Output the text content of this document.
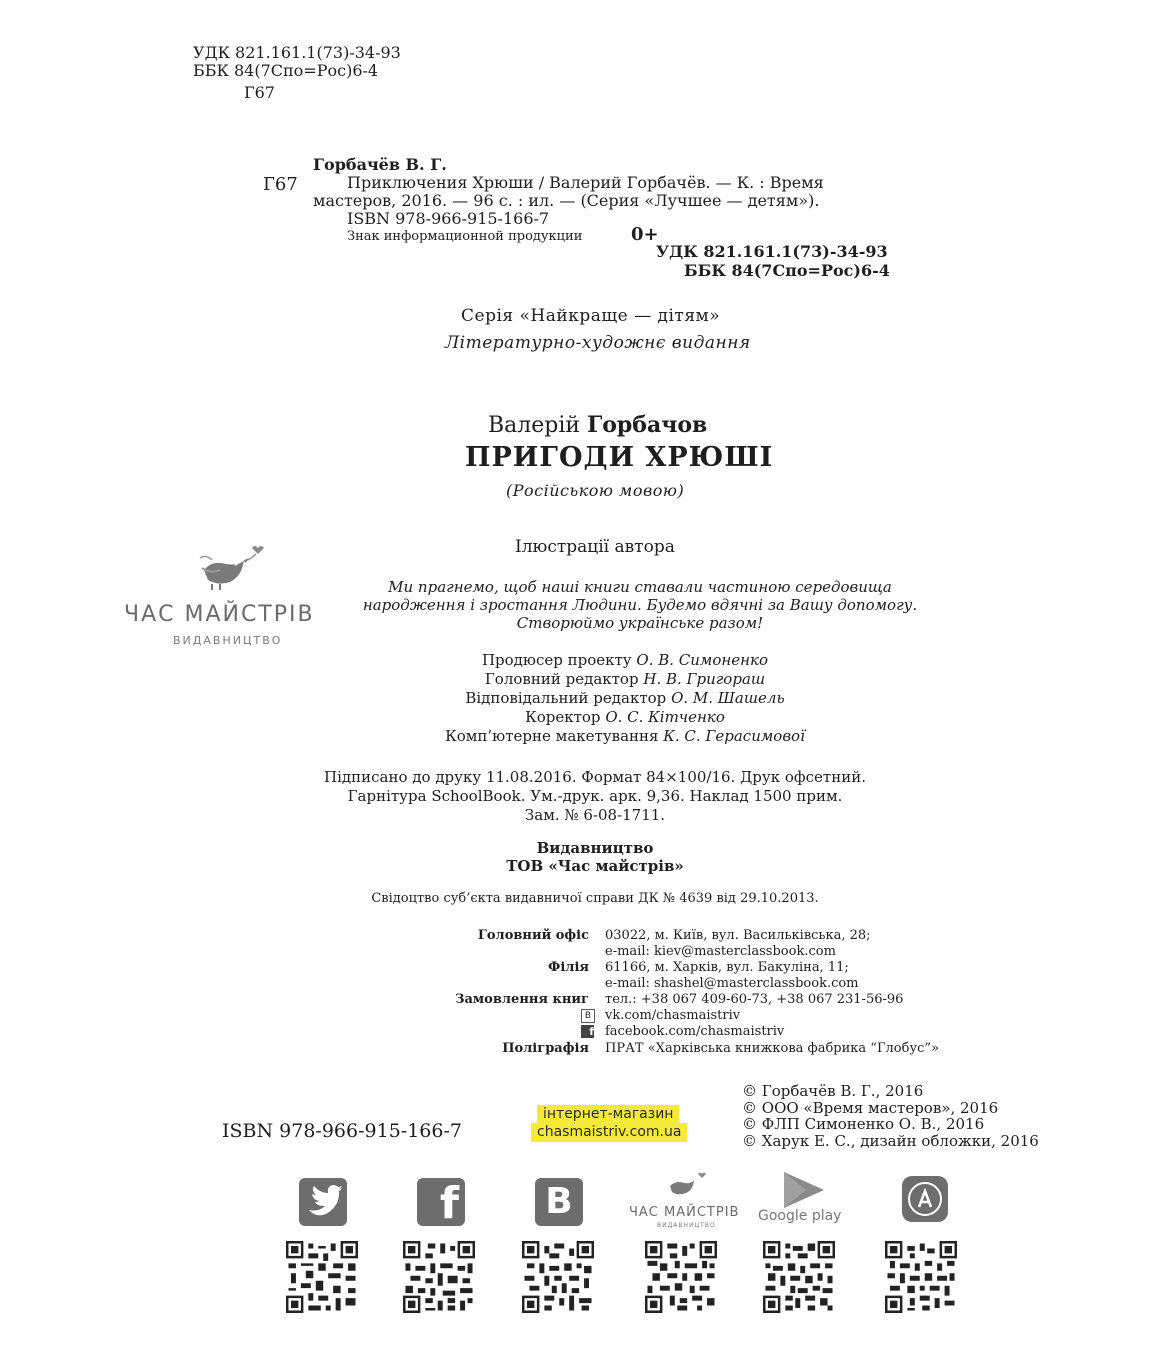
УДК 821.161.1(73)-34-93
ББК 84(7Спо=Рос)6-4
Г67
Горбачёв В. Г.
Г67	Приключения Хрюши / Валерий Горбачёв. — К. : Время
мастеров, 2016. — 96 с. : ил. — (Серия «Лучшее — детям»).
ISBN 978-966-915-166-7
Знак информационной продукции	0+
УДК 821.161.1(73)-34-93
ББК 84(7Спо=Рос)6-4
Серія «Найкраще — дітям»
Літературно-художнє видання
Валерій Горбачов
ПРИГОДИ ХРЮШІ
(Російською мовою)
Ілюстрації автора
ЧАС МАЙСТРІВ
ВИДАВНИЦТВО
Ми прагнемо, щоб наші книги ставали частиною середовища
народження і зростання Людини. Будемо вдячні за Вашу допомогу.
Створюймо українське разом!
Продюсер проекту О. В. Симоненко
Головний редактор Н. В. Григораш
Відповідальний редактор О. М. Шашель
Коректор О. С. Кітченко
Комп’ютерне макетування К. С. Герасимової
Підписано до друку 11.08.2016. Формат 84×100/16. Друк офсетний.
Гарнітура SchoolBook. Ум.-друк. арк. 9,36. Наклад 1500 прим.
Зам. № 6-08-1711.
Видавництво
ТОВ «Час майстрів»
Свідоцтво суб’єкта видавничої справи ДК № 4639 від 29.10.2013.
Головний офіс 03022, м. Київ, вул. Васильківська, 28;
e-mail: kiev@masterclassbook.com
Філія 61166, м. Харків, вул. Бакуліна, 11;
e-mail: shashel@masterclassbook.com
Замовлення книг тел.: +38 067 409-60-73, +38 067 231-56-96
B	vk.com/chasmaistriv
f facebook.com/chasmaistriv
Поліграфія ПРАТ «Харківська книжкова фабрика “Глобус”»
ISBN 978-966-915-166-7
інтернет-магазин
chasmaistriv.com.ua
© Горбачёв В. Г., 2016
© ООО «Время мастеров», 2016
© ФЛП Симоненко О. В., 2016
© Харук Е. С., дизайн обложки, 2016
f B	ЧАС МАЙСТРІВ
ВИДАВНИЦТВО
Google play
